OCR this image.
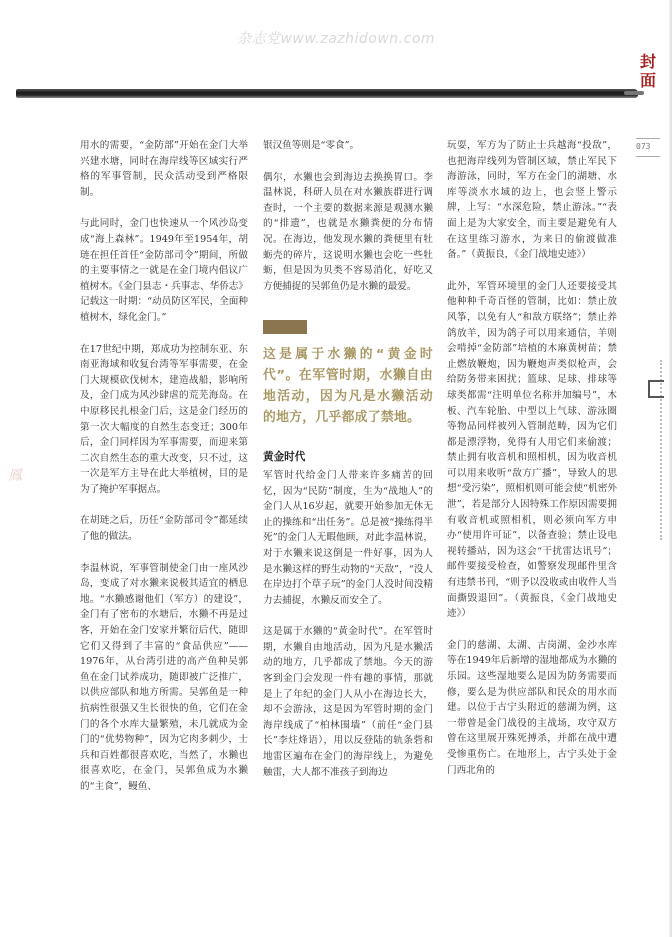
杂志党www.zazhidown.com
封面
073
鳳

用水的需要，“金防部”开始在金门大举兴建水塘，同时在海岸线等区域实行严格的军事管制，民众活动受到严格限制。

与此同时，金门也快速从一个风沙岛变成“海上森林”。1949年至1954年，胡琏在担任首任“金防部司令”期间，所做的主要事情之一就是在金门境内倡议广植树木。《金门县志・兵事志、华侨志》记载这一时期：“动员防区军民，全面种植树木，绿化金门。”

在17世纪中期，郑成功为控制东亚、东南亚海域和收复台湾等军事需要，在金门大规模砍伐树木，建造战船，影响所及，金门成为风沙肆虐的荒芜海岛。在中原移民扎根金门后，这是金门经历的第一次大幅度的自然生态变迁；300年后，金门同样因为军事需要，而迎来第二次自然生态的重大改变，只不过，这一次是军方主导在此大举植树，目的是为了掩护军事据点。

在胡琏之后，历任“金防部司令”都延续了他的做法。

李温林说，军事管制使金门由一座风沙岛，变成了对水獭来说极其适宜的栖息地。“水獭感谢他们（军方）的建设”，金门有了密布的水塘后，水獭不再是过客，开始在金门安家并繁衍后代，随即它们又得到了丰富的“食品供应”——1976年，从台湾引进的高产鱼种吴郭鱼在金门试养成功，随即被广泛推广，以供应部队和地方所需。吴郭鱼是一种抗病性很强又生长很快的鱼，它们在金门的各个水库大量繁殖，未几就成为金门的“优势物种”，因为它肉多刺少，士兵和百姓都很喜欢吃，当然了，水獭也很喜欢吃，在金门，吴郭鱼成为水獭的“主食”，鳗鱼、

银汉鱼等则是“零食”。

偶尔，水獭也会到海边去换换胃口。李温林说，科研人员在对水獭族群进行调查时，一个主要的数据来源是观测水獭的“排遗”，也就是水獭粪便的分布情况。在海边，他发现水獭的粪便里有牡蛎壳的碎片，这说明水獭也会吃一些牡蛎，但是因为贝类不容易消化，好吃又方便捕捉的吴郭鱼仍是水獭的最爱。

这是属于水獭的“黄金时代”。在军管时期，水獭自由地活动，因为凡是水獭活动的地方，几乎都成了禁地。
黄金时代

军管时代给金门人带来许多痛苦的回忆，因为“民防”制度，生为“战地人”的金门人从16岁起，就要开始参加无休无止的操练和“出任务”。总是被“操练得半死”的金门人无暇他顾，对此李温林说，对于水獭来说这倒是一件好事，因为人是水獭这样的野生动物的“天敌”，“没人在岸边打个草子玩”的金门人没时间没精力去捕捉，水獭反而安全了。

这是属于水獭的“黄金时代”。在军管时期，水獭自由地活动，因为凡是水獭活动的地方，几乎都成了禁地。今天的游客到金门会发现一件有趣的事情，那就是上了年纪的金门人从小在海边长大，却不会游泳，这是因为军管时期的金门海岸线成了“柏林围墙”（前任“金门县长”李炷烽语），用以反登陆的轨条砦和地雷区遍布在金门的海岸线上，为避免触雷，大人都不准孩子到海边

玩耍，军方为了防止士兵越海“投敌”，也把海岸线列为管制区域，禁止军民下海游泳，同时，军方在金门的湖塘、水库等淡水水域的边上，也会竖上警示牌，上写：“水深危险，禁止游泳。”“表面上是为大家安全，而主要是避免有人在这里练习游水，为来日的偷渡做准备。”（黄振良，《金门战地史迹》）

此外，军管环境里的金门人还要接受其他种种千奇百怪的管制，比如：禁止放风筝，以免有人“和敌方联络”；禁止养鸽放羊，因为鸽子可以用来通信，羊则会啃掉“金防部”培植的木麻黄树苗；禁止燃放鞭炮，因为鞭炮声类似枪声，会给防务带来困扰；篮球、足球、排球等球类都需“注明单位名称并加编号”，木板、汽车轮胎、中型以上气球、游泳圈等物品同样被列入管制范畴，因为它们都是漂浮物，免得有人用它们来偷渡；禁止拥有收音机和照相机，因为收音机可以用来收听“敌方广播”，导致人的思想“受污染”，照相机则可能会使“机密外泄”，若是部分人因特殊工作原因需要拥有收音机或照相机，则必须向军方申办“使用许可证”，以备查验；禁止设电视转播站，因为这会“干扰雷达讯号”；邮件要接受检查，如警察发现邮件里含有违禁书刊，“则予以没收或由收件人当面撕毁退回”。（黄振良，《金门战地史迹》）

金门的慈湖、太湖、古岗湖、金沙水库等在1949年后新增的湿地都成为水獭的乐园。这些湿地要么是因为防务需要而修，要么是为供应部队和民众的用水而建。以位于古宁头附近的慈湖为例，这一带曾是金门战役的主战场，攻守双方曾在这里展开殊死搏杀，并都在战中遭受惨重伤亡。在地形上，古宁头处于金门西北角的
